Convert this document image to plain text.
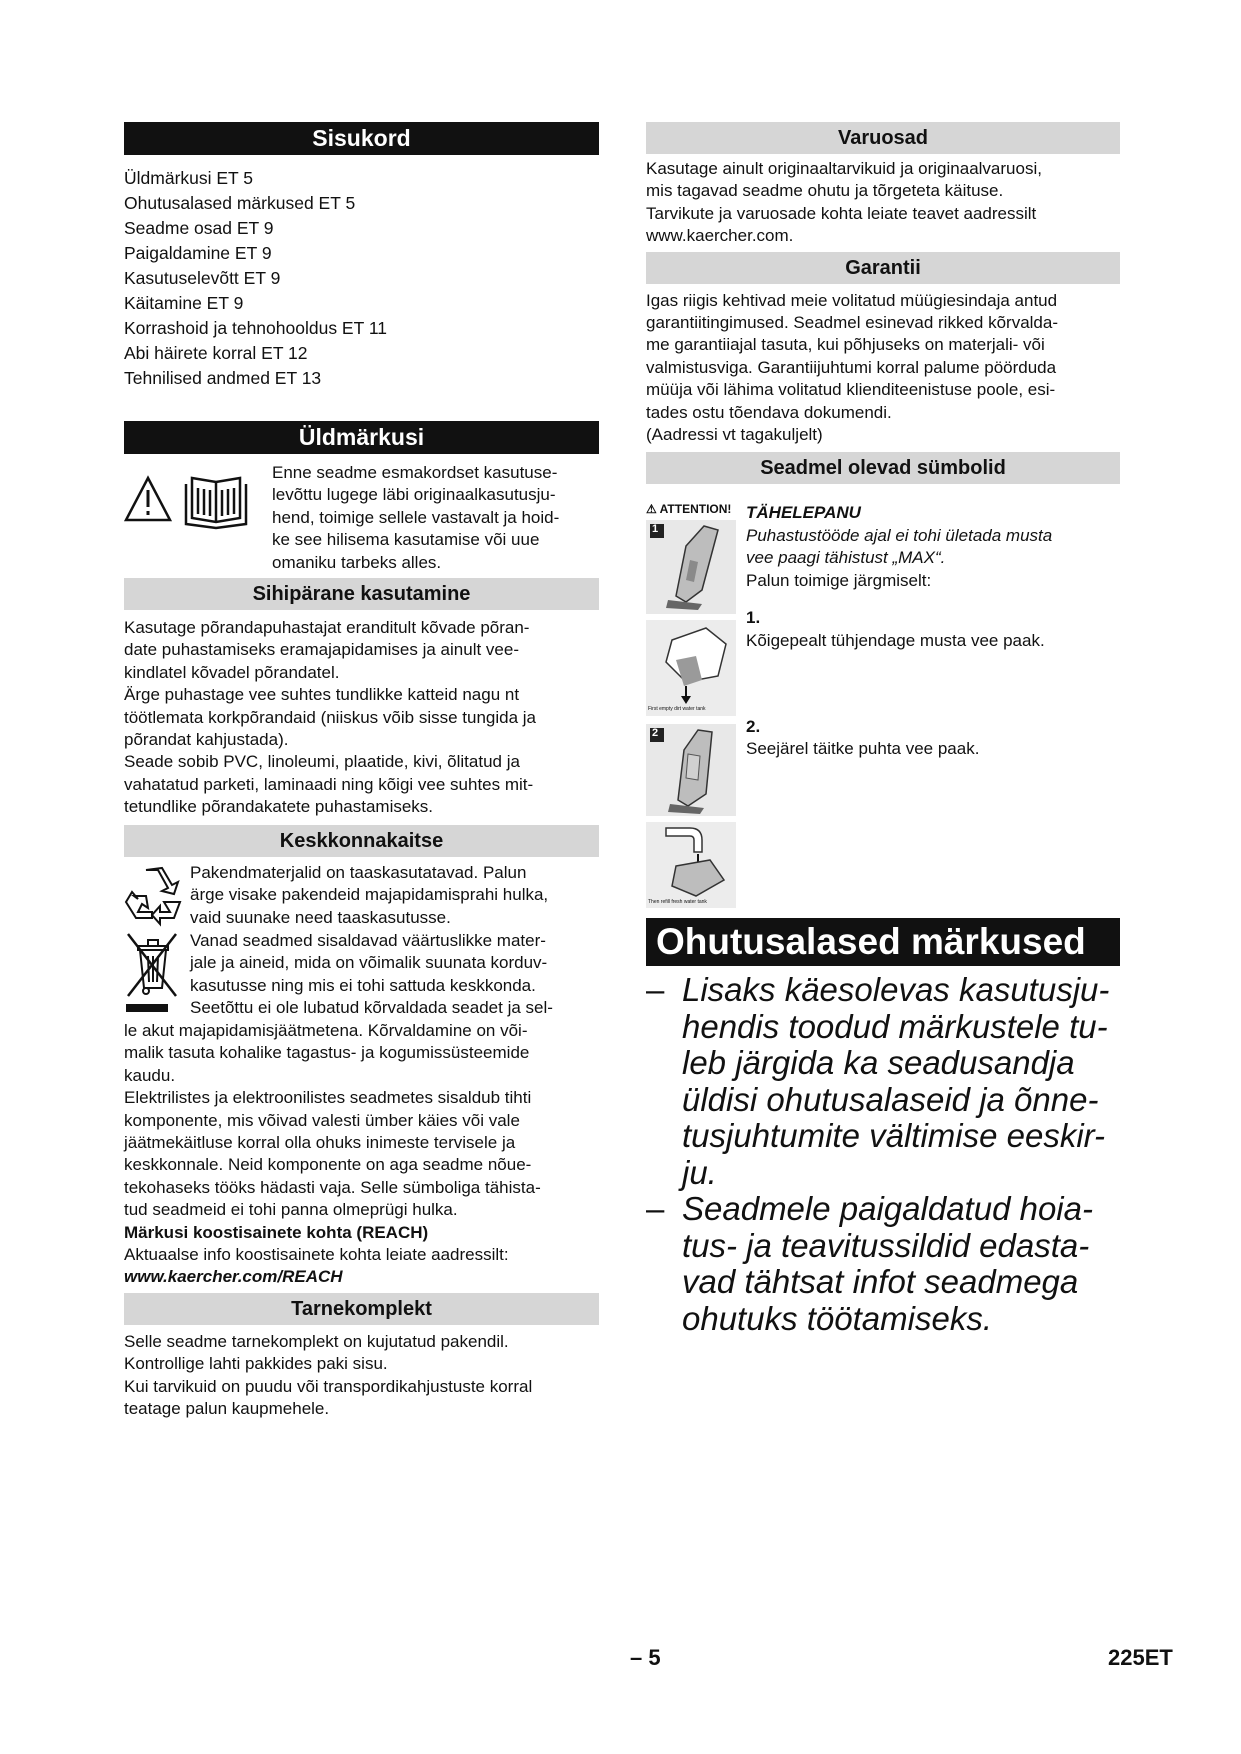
Sisukord
Üldmärkusi ET 5
Ohutusalased märkused ET 5
Seadme osad ET 9
Paigaldamine ET 9
Kasutuselevõtt ET 9
Käitamine ET 9
Korrashoid ja tehnohooldus ET 11
Abi häirete korral ET 12
Tehnilised andmed ET 13
Üldmärkusi

Enne seadme esmakordset kasutuse-

levõttu lugege läbi originaalkasutusju-

hend, toimige sellele vastavalt ja hoid-

ke see hilisema kasutamise või uue

omaniku tarbeks alles.

Sihipärane kasutamine

Kasutage põrandapuhastajat eranditult kõvade põran-

date puhastamiseks eramajapidamises ja ainult vee-

kindlatel kõvadel põrandatel.

Ärge puhastage vee suhtes tundlikke katteid nagu nt

töötlemata korkpõrandaid (niiskus võib sisse tungida ja

põrandat kahjustada).

Seade sobib PVC, linoleumi, plaatide, kivi, õlitatud ja

vahatatud parketi, laminaadi ning kõigi vee suhtes mit-

tetundlike põrandakatete puhastamiseks.

Keskkonnakaitse

Pakendmaterjalid on taaskasutatavad. Palun

ärge visake pakendeid majapidamisprahi hulka,

vaid suunake need taaskasutusse.

Vanad seadmed sisaldavad väärtuslikke mater-

jale ja aineid, mida on võimalik suunata korduv-

kasutusse ning mis ei tohi sattuda keskkonda.

Seetõttu ei ole lubatud kõrvaldada seadet ja sel-

le akut majapidamisjäätmetena. Kõrvaldamine on või-

malik tasuta kohalike tagastus- ja kogumissüsteemide

kaudu.

Elektrilistes ja elektroonilistes seadmetes sisaldub tihti

komponente, mis võivad valesti ümber käies või vale

jäätmekäitluse korral olla ohuks inimeste tervisele ja

keskkonnale. Neid komponente on aga seadme nõue-

tekohaseks tööks hädasti vaja. Selle sümboliga tähista-

tud seadmeid ei tohi panna olmeprügi hulka.

Märkusi koostisainete kohta (REACH)

Aktuaalse info koostisainete kohta leiate aadressilt:

www.kaercher.com/REACH

Tarnekomplekt

Selle seadme tarnekomplekt on kujutatud pakendil.

Kontrollige lahti pakkides paki sisu.

Kui tarvikuid on puudu või transpordikahjustuste korral

teatage palun kaupmehele.

Varuosad

Kasutage ainult originaaltarvikuid ja originaalvaruosi,

mis tagavad seadme ohutu ja tõrgeteta käituse.

Tarvikute ja varuosade kohta leiate teavet aadressilt

www.kaercher.com.

Garantii

Igas riigis kehtivad meie volitatud müügiesindaja antud

garantiitingimused. Seadmel esinevad rikked kõrvalda-

me garantiiajal tasuta, kui põhjuseks on materjali- või

valmistusviga. Garantiijuhtumi korral palume pöörduda

müüja või lähima volitatud klienditeenistuse poole, esi-

tades ostu tõendava dokumendi.

(Aadressi vt tagakuljelt)

Seadmel olevad sümbolid
⚠ ATTENTION!
1
First empty dirt water tank
2
Then refill fresh water tank

TÄHELEPANU

Puhastustööde ajal ei tohi ületada musta

vee paagi tähistust „MAX“.

Palun toimige järgmiselt:

1.

Kõigepealt tühjendage musta vee paak.

2.

Seejärel täitke puhta vee paak.

Ohutusalased märkused
– Lisaks käesolevas kasutusju-
hendis toodud märkustele tu-
leb järgida ka seadusandja
üldisi ohutusalaseid ja õnne-
tusjuhtumite vältimise eeskir-
ju.
– Seadmele paigaldatud hoia-
tus- ja teavitussildid edasta-
vad tähtsat infot seadmega
ohutuks töötamiseks.
– 5	225ET
